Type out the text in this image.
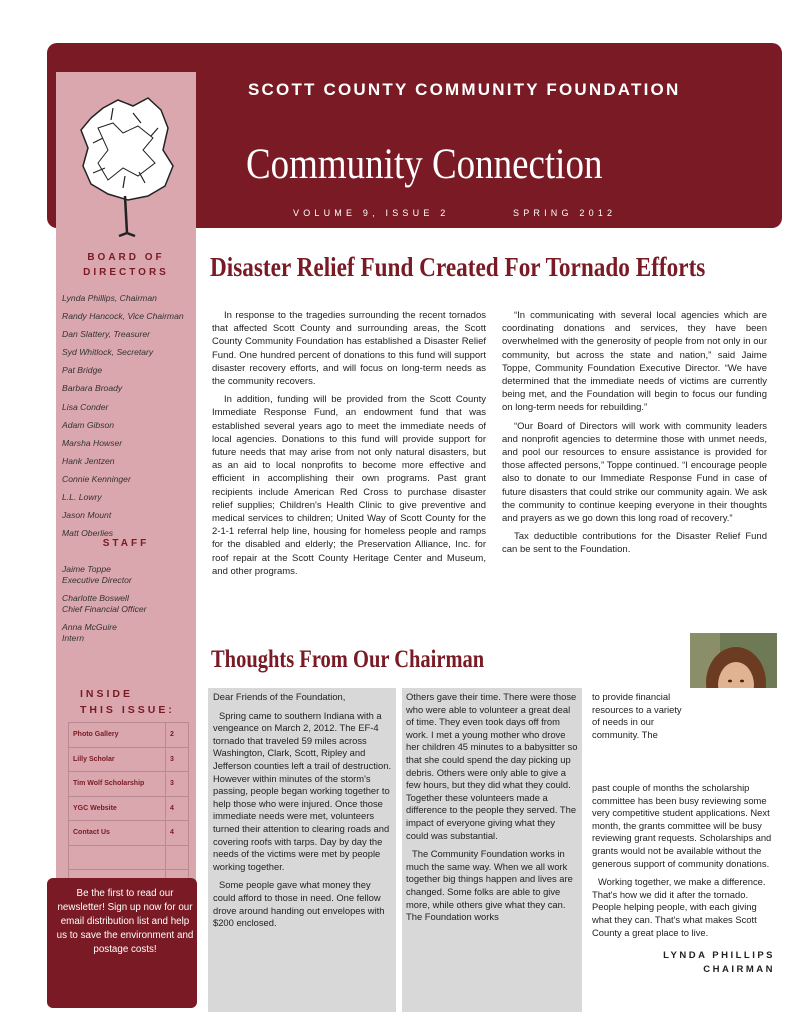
SCOTT COUNTY COMMUNITY FOUNDATION
Community Connection
VOLUME 9, ISSUE 2	SPRING 2012
BOARD OF DIRECTORS
Lynda Phillips, Chairman
Randy Hancock, Vice Chairman
Dan Slattery, Treasurer
Syd Whitlock, Secretary
Pat Bridge
Barbara Broady
Lisa Conder
Adam Gibson
Marsha Howser
Hank Jentzen
Connie Kenninger
L.L. Lowry
Jason Mount
Matt Oberlies
STAFF
Jaime Toppe
Executive Director
Charlotte Boswell
Chief Financial Officer
Anna McGuire
Intern
INSIDE
THIS ISSUE:
Photo Gallery	2
Lilly Scholar	3
Tim Wolf Scholarship	3
YGC Website	4
Contact Us	4

Be the first to read our newsletter! Sign up now for our email distribution list and help us to save the environment and postage costs!
Disaster Relief Fund Created For Tornado Efforts

In response to the tragedies surrounding the recent tornados that affected Scott County and surrounding areas, the Scott County Community Foundation has established a Disaster Relief Fund. One hundred percent of donations to this fund will support disaster recovery efforts, and will focus on long-term needs as the community recovers.

In addition, funding will be provided from the Scott County Immediate Response Fund, an endowment fund that was established several years ago to meet the immediate needs of local agencies. Donations to this fund will provide support for future needs that may arise from not only natural disasters, but as an aid to local nonprofits to become more effective and efficient in accomplishing their own programs. Past grant recipients include American Red Cross to purchase disaster relief supplies; Children's Health Clinic to give preventive and medical services to children; United Way of Scott County for the 2-1-1 referral help line, housing for homeless people and ramps for the disabled and elderly; the Preservation Alliance, Inc. for roof repair at the Scott County Heritage Center and Museum, and other programs.

“In communicating with several local agencies which are coordinating donations and services, they have been overwhelmed with the generosity of people from not only in our community, but across the state and nation,” said Jaime Toppe, Community Foundation Executive Director. “We have determined that the immediate needs of victims are currently being met, and the Foundation will begin to focus our funding on long-term needs for rebuilding.”

“Our Board of Directors will work with community leaders and nonprofit agencies to determine those with unmet needs, and pool our resources to ensure assistance is provided for those affected persons,” Toppe continued. “I encourage people also to donate to our Immediate Response Fund in case of future disasters that could strike our community again. We ask the community to continue keeping everyone in their thoughts and prayers as we go down this long road of recovery.”

Tax deductible contributions for the Disaster Relief Fund can be sent to the Foundation.

Thoughts From Our Chairman

Dear Friends of the Foundation,

Spring came to southern Indiana with a vengeance on March 2, 2012. The EF-4 tornado that traveled 59 miles across Washington, Clark, Scott, Ripley and Jefferson counties left a trail of destruction. However within minutes of the storm's passing, people began working together to help those who were injured. Once those immediate needs were met, volunteers turned their attention to clearing roads and covering roofs with tarps. Day by day the needs of the victims were met by people working together.

Some people gave what money they could afford to those in need. One fellow drove around handing out envelopes with $200 enclosed.

Others gave their time. There were those who were able to volunteer a great deal of time. They even took days off from work. I met a young mother who drove her children 45 minutes to a babysitter so that she could spend the day picking up debris. Others were only able to give a few hours, but they did what they could. Together these volunteers made a difference to the people they served. The impact of everyone giving what they could was substantial.

The Community Foundation works in much the same way. When we all work together big things happen and lives are changed. Some folks are able to give more, while others give what they can. The Foundation works

to provide financial resources to a variety of needs in our community. The

past couple of months the scholarship committee has been busy reviewing some very competitive student applications. Next month, the grants committee will be busy reviewing grant requests. Scholarships and grants would not be available without the generous support of community donations.

Working together, we make a difference. That's how we did it after the tornado. People helping people, with each giving what they can. That's what makes Scott County a great place to live.

LYNDA PHILLIPS
CHAIRMAN
